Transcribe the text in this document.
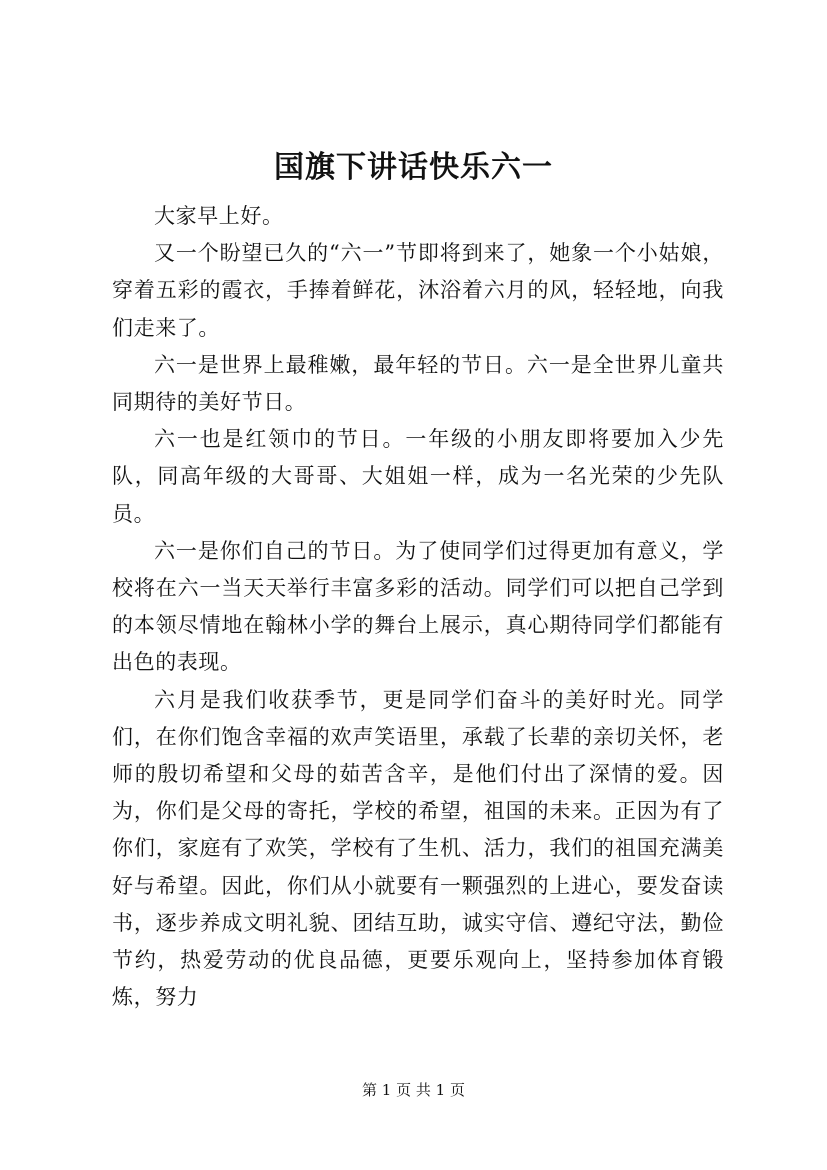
国旗下讲话快乐六一

大家早上好。

又一个盼望已久的“六一”节即将到来了，她象一个小姑娘，穿着五彩的霞衣，手捧着鲜花，沐浴着六月的风，轻轻地，向我们走来了。

六一是世界上最稚嫩，最年轻的节日。六一是全世界儿童共同期待的美好节日。

六一也是红领巾的节日。一年级的小朋友即将要加入少先队，同高年级的大哥哥、大姐姐一样，成为一名光荣的少先队员。

六一是你们自己的节日。为了使同学们过得更加有意义，学校将在六一当天天举行丰富多彩的活动。同学们可以把自己学到的本领尽情地在翰林小学的舞台上展示，真心期待同学们都能有出色的表现。

六月是我们收获季节，更是同学们奋斗的美好时光。同学们，在你们饱含幸福的欢声笑语里，承载了长辈的亲切关怀，老师的殷切希望和父母的茹苦含辛，是他们付出了深情的爱。因为，你们是父母的寄托，学校的希望，祖国的未来。正因为有了你们，家庭有了欢笑，学校有了生机、活力，我们的祖国充满美好与希望。因此，你们从小就要有一颗强烈的上进心，要发奋读书，逐步养成文明礼貌、团结互助，诚实守信、遵纪守法，勤俭节约，热爱劳动的优良品德，更要乐观向上，坚持参加体育锻炼，努力

第 1 页 共 1 页
